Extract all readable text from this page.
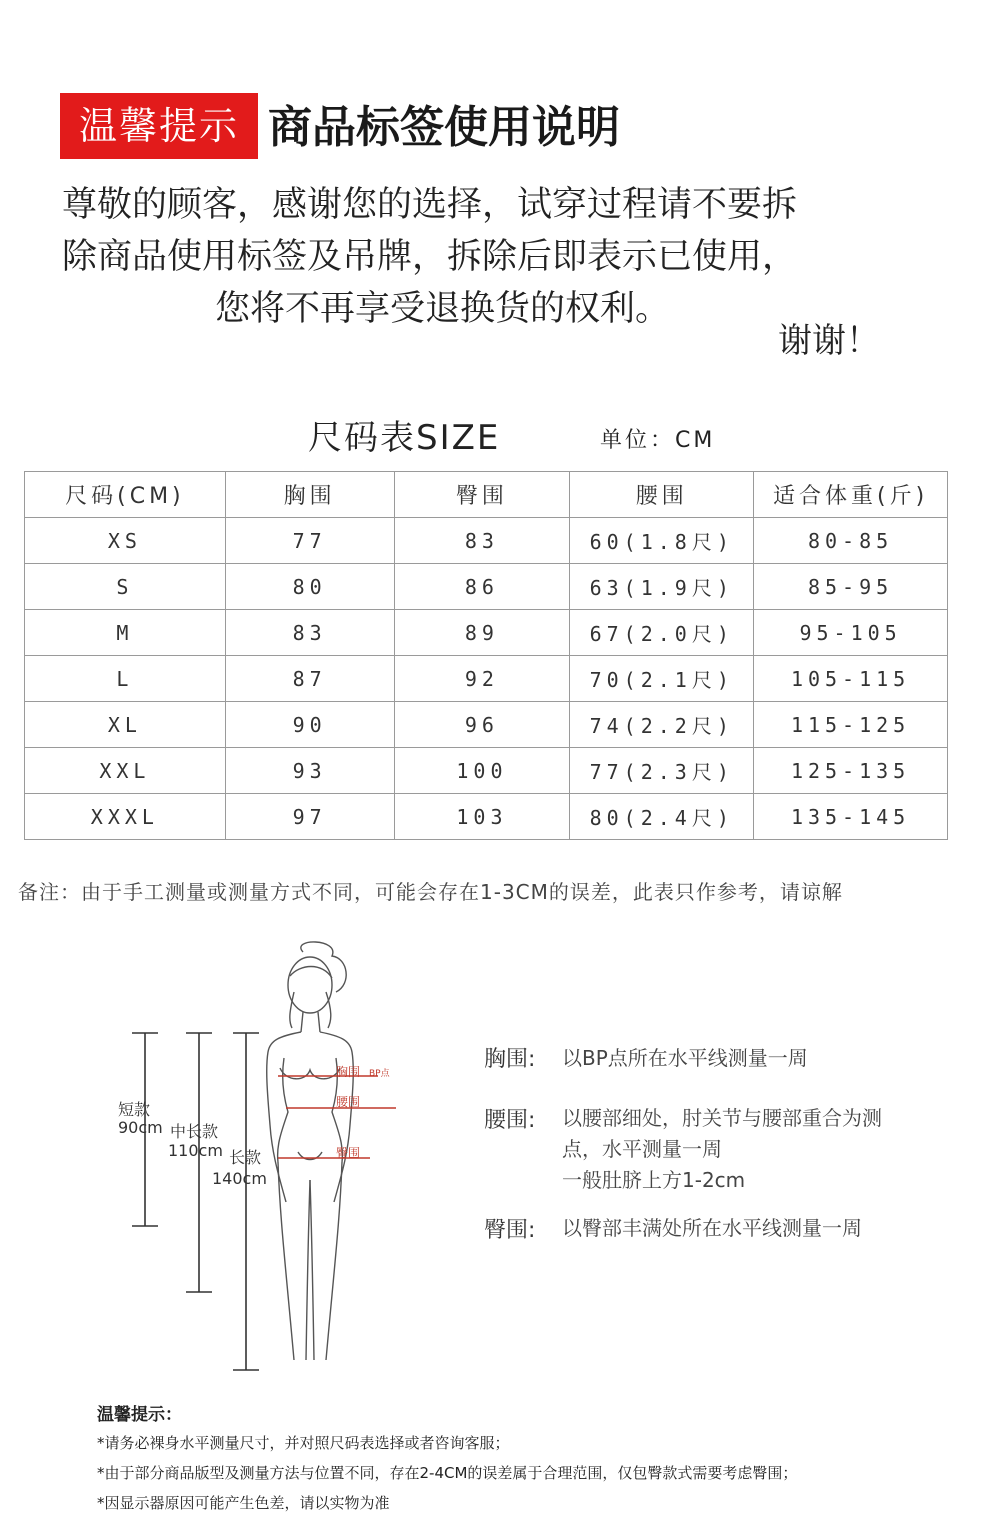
温馨提示 商品标签使用说明
尊敬的顾客，感谢您的选择，试穿过程请不要拆
除商品使用标签及吊牌，拆除后即表示已使用，
您将不再享受退换货的权利。
谢谢！
尺码表SIZE	单位：CM
尺码(CM)	胸围	臀围	腰围	适合体重(斤)
XS	77	83	60(1.8尺)	80-85
S	80	86	63(1.9尺)	85-95
M	83	89	67(2.0尺)	95-105
L	87	92	70(2.1尺)	105-115
XL	90	96	74(2.2尺)	115-125
XXL	93	100	77(2.3尺)	125-135
XXXL	97	103	80(2.4尺)	135-145
备注：由于手工测量或测量方式不同，可能会存在1-3CM的误差，此表只作参考，请谅解
胸围 BP点
腰围
臀围
短款
90cm 中长款
110cm 长款
140cm
胸围: 以BP点所在水平线测量一周
腰围: 以腰部细处，肘关节与腰部重合为测
点，水平测量一周
一般肚脐上方1-2cm
臀围: 以臀部丰满处所在水平线测量一周
温馨提示：
*请务必裸身水平测量尺寸，并对照尺码表选择或者咨询客服；
*由于部分商品版型及测量方法与位置不同，存在2-4CM的误差属于合理范围，仅包臀款式需要考虑臀围；
*因显示器原因可能产生色差，请以实物为准
